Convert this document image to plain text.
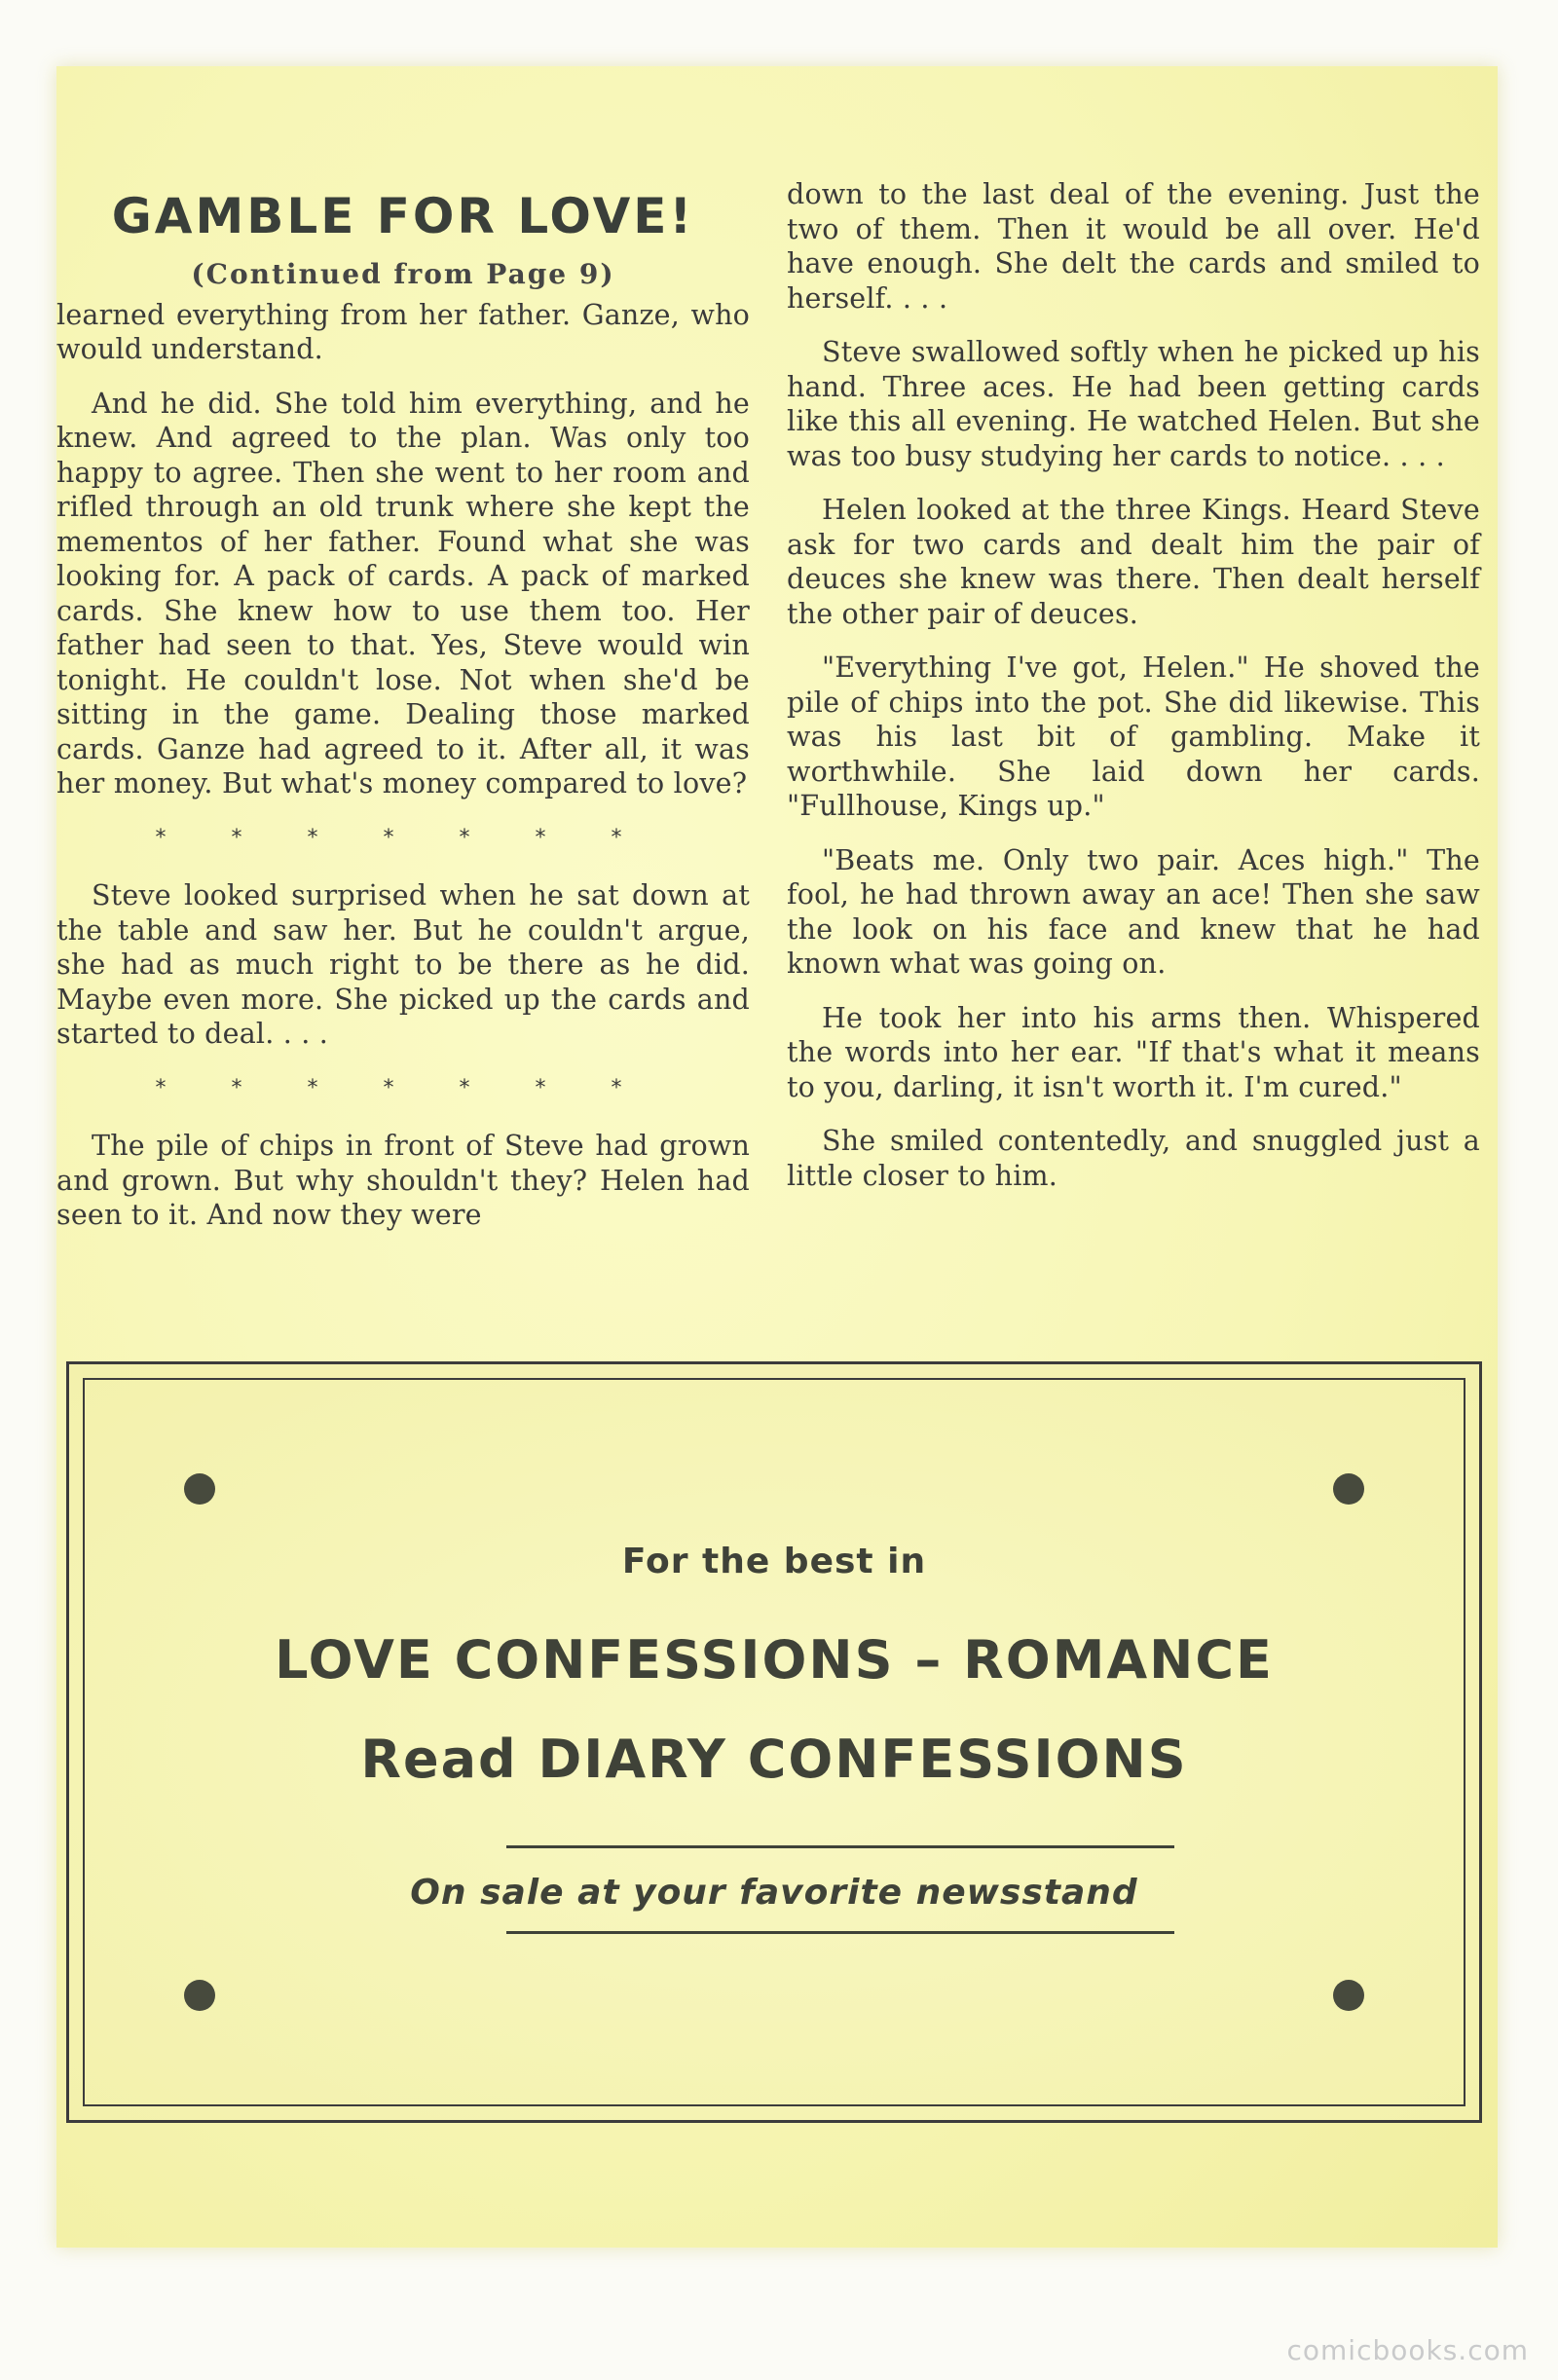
GAMBLE FOR LOVE!
(Continued from Page 9)

learned everything from her father. Ganze, who would understand.

And he did. She told him everything, and he knew. And agreed to the plan. Was only too happy to agree. Then she went to her room and rifled through an old trunk where she kept the mementos of her father. Found what she was looking for. A pack of cards. A pack of marked cards. She knew how to use them too. Her father had seen to that. Yes, Steve would win tonight. He couldn't lose. Not when she'd be sitting in the game. Dealing those marked cards. Ganze had agreed to it. After all, it was her money. But what's money compared to love?

* * * * * * *

Steve looked surprised when he sat down at the table and saw her. But he couldn't argue, she had as much right to be there as he did. Maybe even more. She picked up the cards and started to deal. . . .

* * * * * * *

The pile of chips in front of Steve had grown and grown. But why shouldn't they? Helen had seen to it. And now they were

down to the last deal of the evening. Just the two of them. Then it would be all over. He'd have enough. She delt the cards and smiled to herself. . . .

Steve swallowed softly when he picked up his hand. Three aces. He had been getting cards like this all evening. He watched Helen. But she was too busy studying her cards to notice. . . .

Helen looked at the three Kings. Heard Steve ask for two cards and dealt him the pair of deuces she knew was there. Then dealt herself the other pair of deuces.

"Everything I've got, Helen." He shoved the pile of chips into the pot. She did likewise. This was his last bit of gambling. Make it worthwhile. She laid down her cards. "Fullhouse, Kings up."

"Beats me. Only two pair. Aces high." The fool, he had thrown away an ace! Then she saw the look on his face and knew that he had known what was going on.

He took her into his arms then. Whispered the words into her ear. "If that's what it means to you, darling, it isn't worth it. I'm cured."

She smiled contentedly, and snuggled just a little closer to him.

For the best in
LOVE CONFESSIONS – ROMANCE
Read DIARY CONFESSIONS
On sale at your favorite newsstand
comicbooks.com
